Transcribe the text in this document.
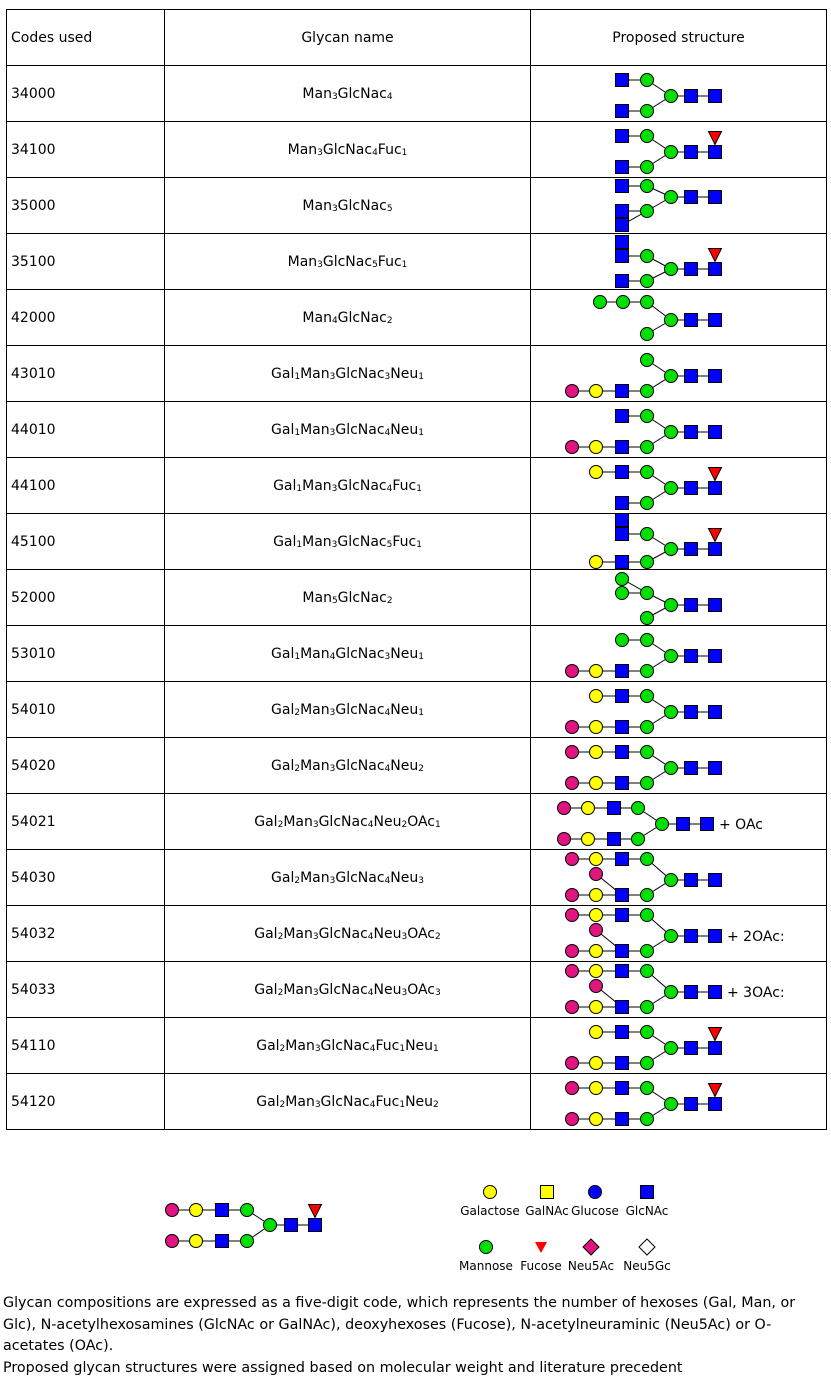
Codes used	Glycan name	Proposed structure
34000	Man$_3$GlcNac$_4$	

34100	Man$_3$GlcNac$_4$Fuc$_1$	

35000	Man$_3$GlcNac$_5$	

35100	Man$_3$GlcNac$_5$Fuc$_1$	

42000	Man$_4$GlcNac$_2$	

43010	Gal$_1$Man$_3$GlcNac$_3$Neu$_1$	

44010	Gal$_1$Man$_3$GlcNac$_4$Neu$_1$	

44100	Gal$_1$Man$_3$GlcNac$_4$Fuc$_1$	

45100	Gal$_1$Man$_3$GlcNac$_5$Fuc$_1$	

52000	Man$_5$GlcNac$_2$	

53010	Gal$_1$Man$_4$GlcNac$_3$Neu$_1$	

54010	Gal$_2$Man$_3$GlcNac$_4$Neu$_1$	

54020	Gal$_2$Man$_3$GlcNac$_4$Neu$_2$	

54021	Gal$_2$Man$_3$GlcNac$_4$Neu$_2$OAc$_1$	+ OAc

54030	Gal$_2$Man$_3$GlcNac$_4$Neu$_3$	

54032	Gal$_2$Man$_3$GlcNac$_4$Neu$_3$OAc$_2$	+ 2OAc:

54033	Gal$_2$Man$_3$GlcNac$_4$Neu$_3$OAc$_3$	+ 3OAc:

54110	Gal$_2$Man$_3$GlcNac$_4$Fuc$_1$Neu$_1$	

54120	Gal$_2$Man$_3$GlcNac$_4$Fuc$_1$Neu$_2$	
Galactose GalNAc Glucose GlcNAc
Mannose Fucose Neu5Ac Neu5Gc
Glycan compositions are expressed as a five-digit code, which represents the number of hexoses (Gal, Man, or Glc), N-acetylhexosamines (GlcNAc or GalNAc), deoxyhexoses (Fucose), N-acetylneuraminic (Neu5Ac) or O-acetates (OAc).
Proposed glycan structures were assigned based on molecular weight and literature precedent
